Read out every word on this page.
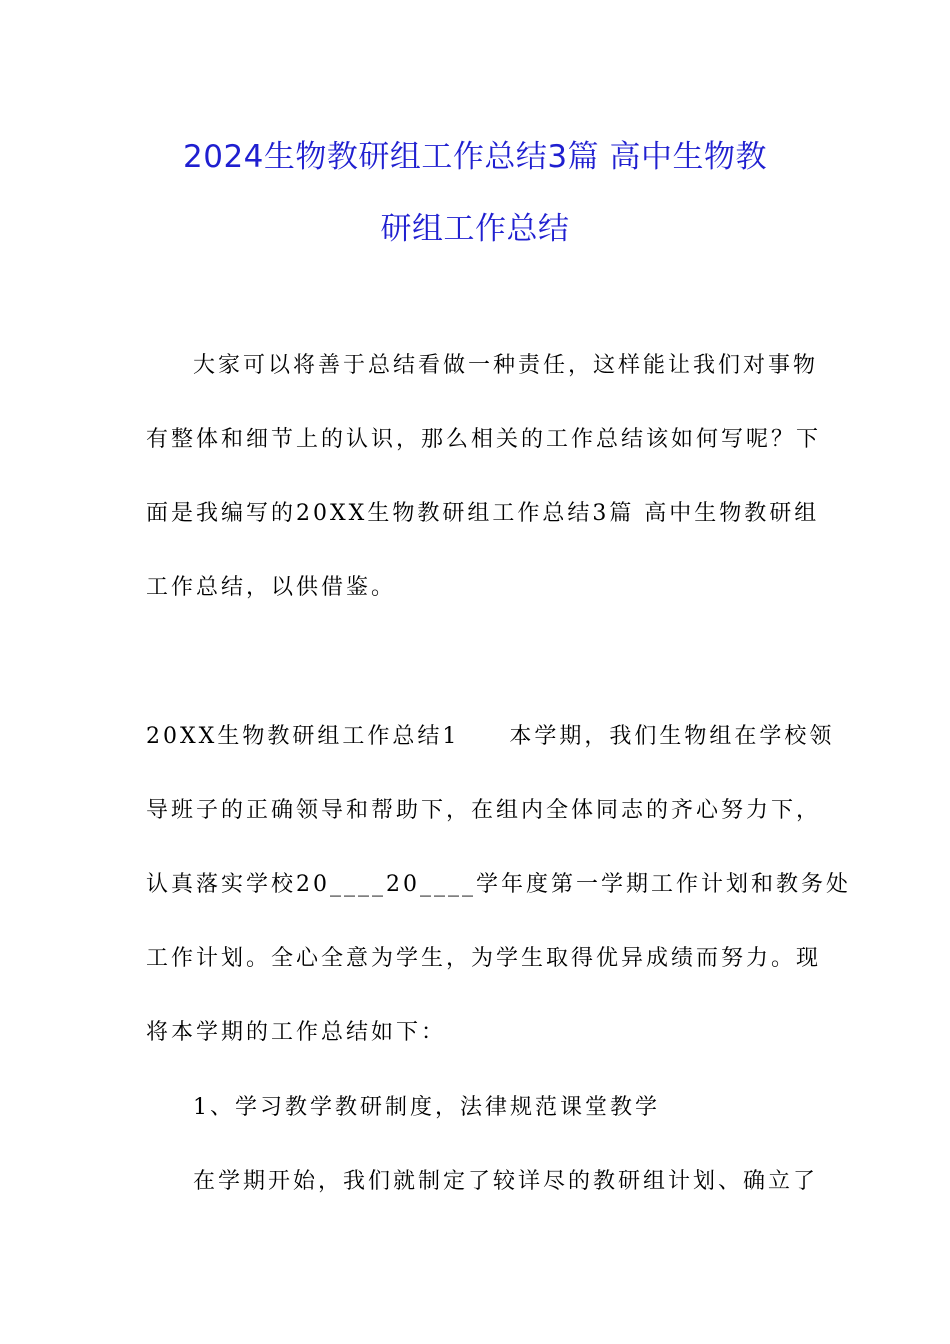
2024生物教研组工作总结3篇 高中生物教
研组工作总结
大家可以将善于总结看做一种责任，这样能让我们对事物
有整体和细节上的认识，那么相关的工作总结该如何写呢？下
面是我编写的20XX生物教研组工作总结3篇 高中生物教研组
工作总结，以供借鉴。
20XX生物教研组工作总结1　　本学期，我们生物组在学校领
导班子的正确领导和帮助下，在组内全体同志的齐心努力下，
认真落实学校20____20____学年度第一学期工作计划和教务处
工作计划。全心全意为学生，为学生取得优异成绩而努力。现
将本学期的工作总结如下：
1、学习教学教研制度，法律规范课堂教学
在学期开始，我们就制定了较详尽的教研组计划、确立了
